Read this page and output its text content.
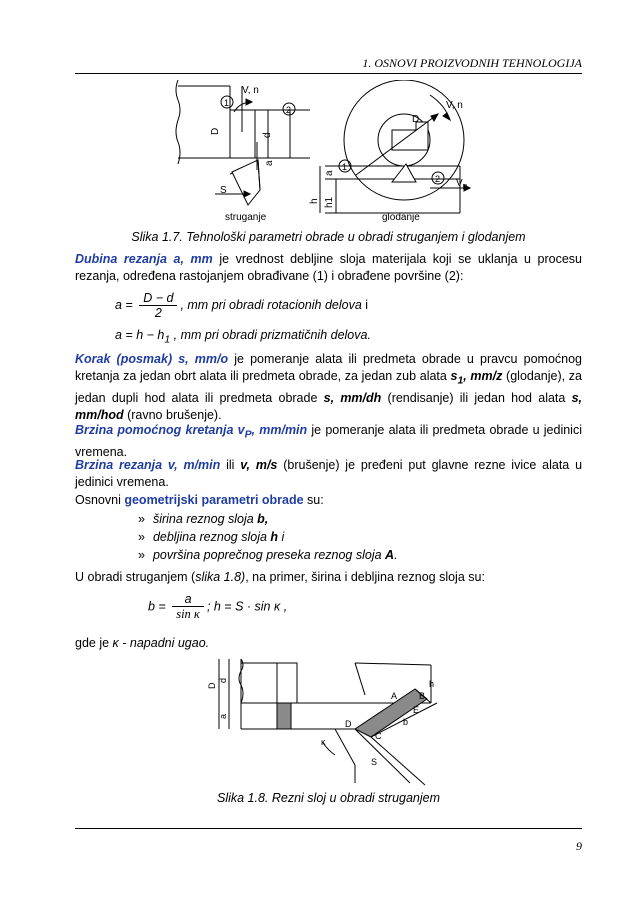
1. OSNOVI PROIZVODNIH TEHNOLOGIJA
V, n
1
2
D
d
a
S
struganje
V, n
D
1
2
a
h h1
$V_P$
glodanje
Slika 1.7. Tehnološki parametri obrade u obradi struganjem i glodanjem
Dubina rezanja a, mm je vrednost debljine sloja materijala koji se uklanja u procesu rezanja, određena rastojanjem obrađivane (1) i obrađene površine (2):
$a = \frac{D - d}{2}$ , mm pri obradi rotacionih delova i
$a = h - h_1$ , mm pri obradi prizmatičnih delova.
Korak (posmak) s, mm/o je pomeranje alata ili predmeta obrade u pravcu pomoćnog kretanja za jedan obrt alata ili predmeta obrade, za jedan zub alata $s_1$, mm/z (glodanje), za jedan dupli hod alata ili predmeta obrade s, mm/dh (rendisanje) ili jedan hod alata s, mm/hod (ravno brušenje).
Brzina pomoćnog kretanja $v_P$, mm/min je pomeranje alata ili predmeta obrade u jedinici vremena.
Brzina rezanja v, m/min ili v, m/s (brušenje) je pređeni put glavne rezne ivice alata u jedinici vremena.
Osnovni geometrijski parametri obrade su:
» širina reznog sloja b,
» debljina reznog sloja h i
» površina poprečnog preseka reznog sloja A.
U obradi struganjem (slika 1.8), na primer, širina i debljina reznog sloja su:
$b = \frac{a}{\text{sin κ}}$ ; h = S · sin κ ,
gde je κ - napadni ugao.
D
d
a
A B
h
E
b
D
C
κ
S
Slika 1.8. Rezni sloj u obradi struganjem
9
